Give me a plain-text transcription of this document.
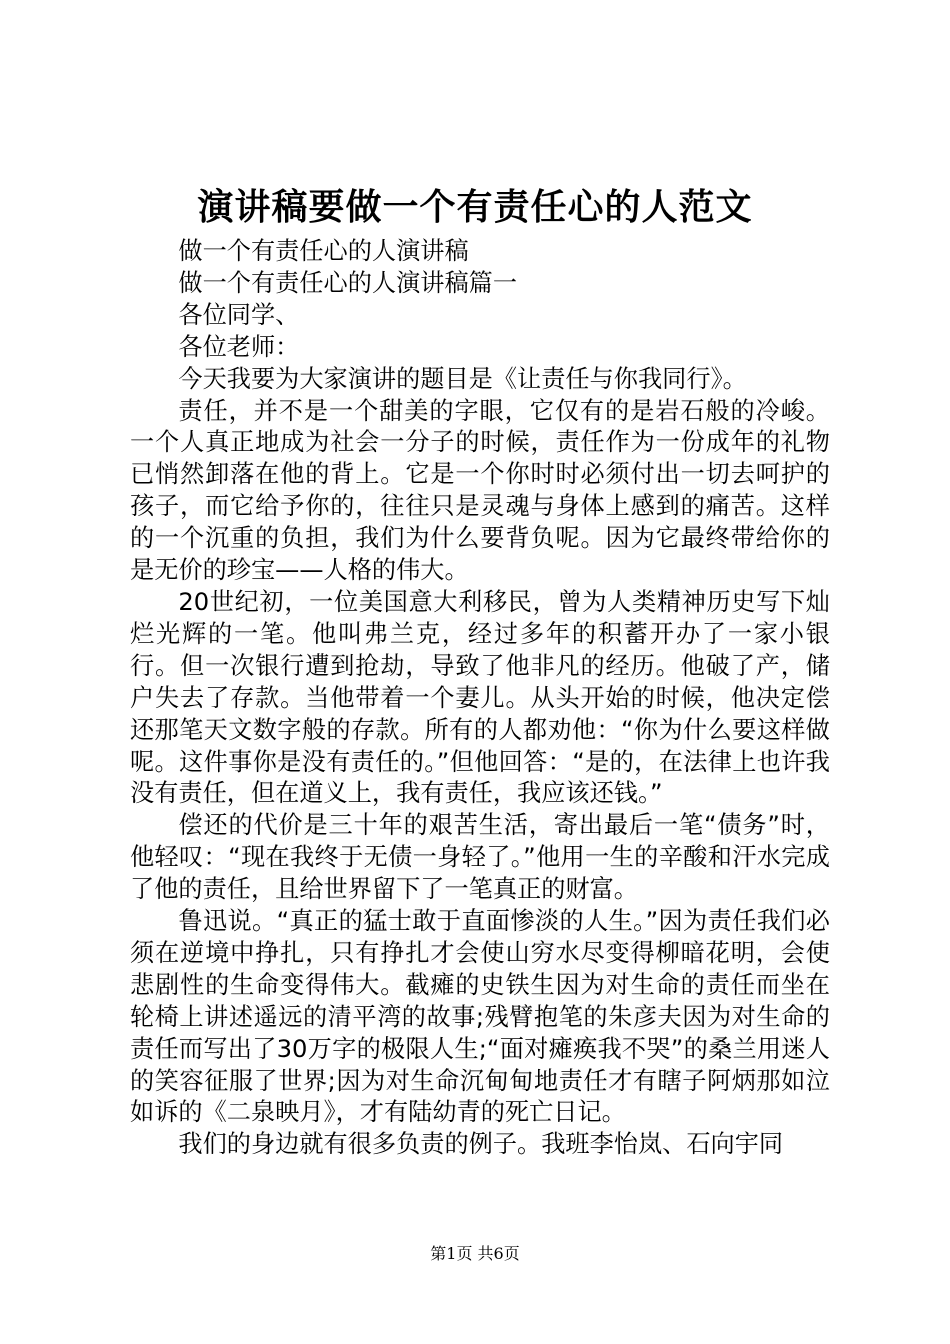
演讲稿要做一个有责任心的人范文

做一个有责任心的人演讲稿

做一个有责任心的人演讲稿篇一

各位同学、

各位老师：

今天我要为大家演讲的题目是《让责任与你我同行》。

责任，并不是一个甜美的字眼，它仅有的是岩石般的冷峻。一个人真正地成为社会一分子的时候，责任作为一份成年的礼物已悄然卸落在他的背上。它是一个你时时必须付出一切去呵护的孩子，而它给予你的，往往只是灵魂与身体上感到的痛苦。这样的一个沉重的负担，我们为什么要背负呢。因为它最终带给你的是无价的珍宝——人格的伟大。

20世纪初，一位美国意大利移民，曾为人类精神历史写下灿烂光辉的一笔。他叫弗兰克，经过多年的积蓄开办了一家小银行。但一次银行遭到抢劫，导致了他非凡的经历。他破了产，储户失去了存款。当他带着一个妻儿。从头开始的时候，他决定偿还那笔天文数字般的存款。所有的人都劝他：“你为什么要这样做呢。这件事你是没有责任的。”但他回答：“是的，在法律上也许我没有责任，但在道义上，我有责任，我应该还钱。”

偿还的代价是三十年的艰苦生活，寄出最后一笔“债务”时，他轻叹：“现在我终于无债一身轻了。”他用一生的辛酸和汗水完成了他的责任，且给世界留下了一笔真正的财富。

鲁迅说。“真正的猛士敢于直面惨淡的人生。”因为责任我们必须在逆境中挣扎，只有挣扎才会使山穷水尽变得柳暗花明，会使悲剧性的生命变得伟大。截瘫的史铁生因为对生命的责任而坐在轮椅上讲述遥远的清平湾的故事;残臂抱笔的朱彦夫因为对生命的责任而写出了30万字的极限人生;“面对瘫痪我不哭”的桑兰用迷人的笑容征服了世界;因为对生命沉甸甸地责任才有瞎子阿炳那如泣如诉的《二泉映月》，才有陆幼青的死亡日记。

我们的身边就有很多负责的例子。我班李怡岚、石向宇同

第1页 共6页
